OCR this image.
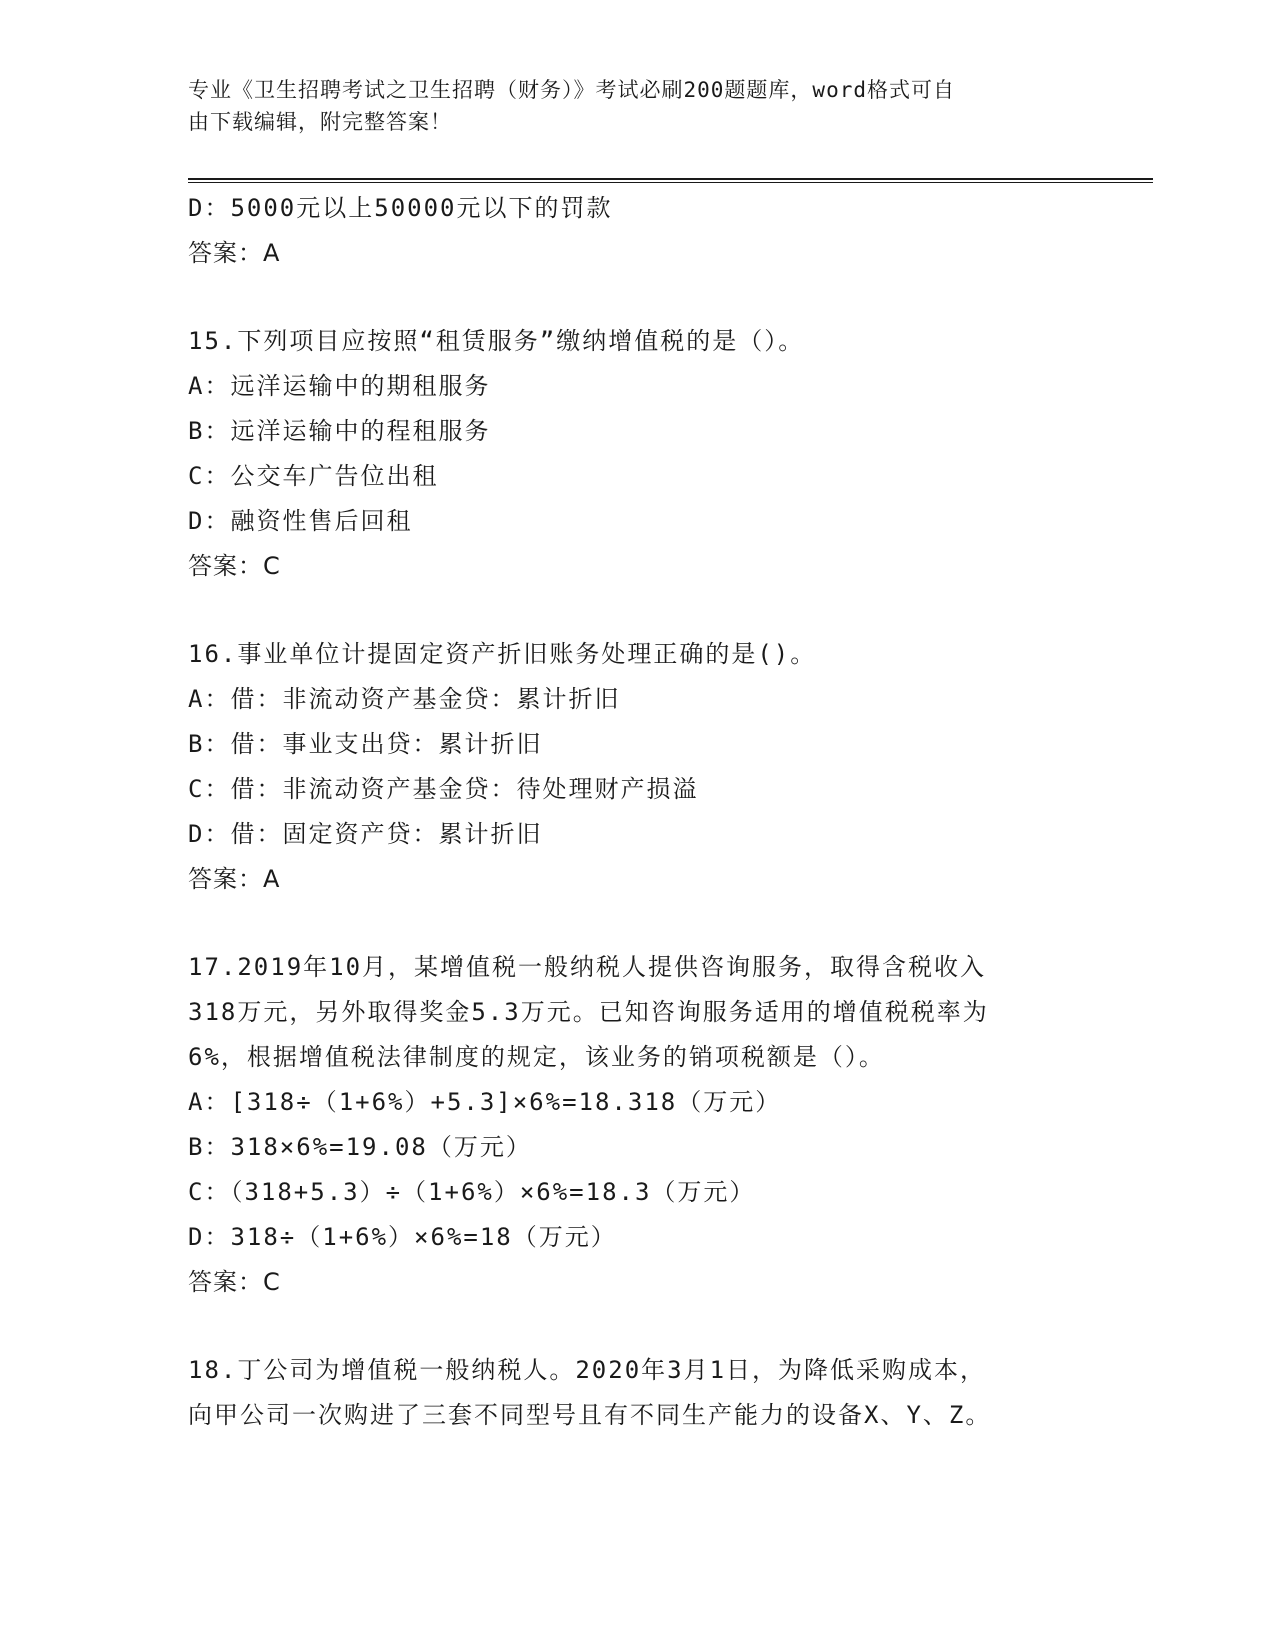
专业《卫生招聘考试之卫生招聘（财务）》考试必刷200题题库，word格式可自
由下载编辑，附完整答案！
D：5000元以上50000元以下的罚款
答案：A
15.下列项目应按照“租赁服务”缴纳增值税的是（）。
A：远洋运输中的期租服务
B：远洋运输中的程租服务
C：公交车广告位出租
D：融资性售后回租
答案：C
16.事业单位计提固定资产折旧账务处理正确的是()。
A：借：非流动资产基金贷：累计折旧
B：借：事业支出贷：累计折旧
C：借：非流动资产基金贷：待处理财产损溢
D：借：固定资产贷：累计折旧
答案：A
17.2019年10月，某增值税一般纳税人提供咨询服务，取得含税收入
318万元，另外取得奖金5.3万元。已知咨询服务适用的增值税税率为
6%，根据增值税法律制度的规定，该业务的销项税额是（）。
A：[318÷（1+6%）+5.3]×6%=18.318（万元）
B：318×6%=19.08（万元）
C：（318+5.3）÷（1+6%）×6%=18.3（万元）
D：318÷（1+6%）×6%=18（万元）
答案：C
18.丁公司为增值税一般纳税人。2020年3月1日，为降低采购成本，
向甲公司一次购进了三套不同型号且有不同生产能力的设备X、Y、Z。
